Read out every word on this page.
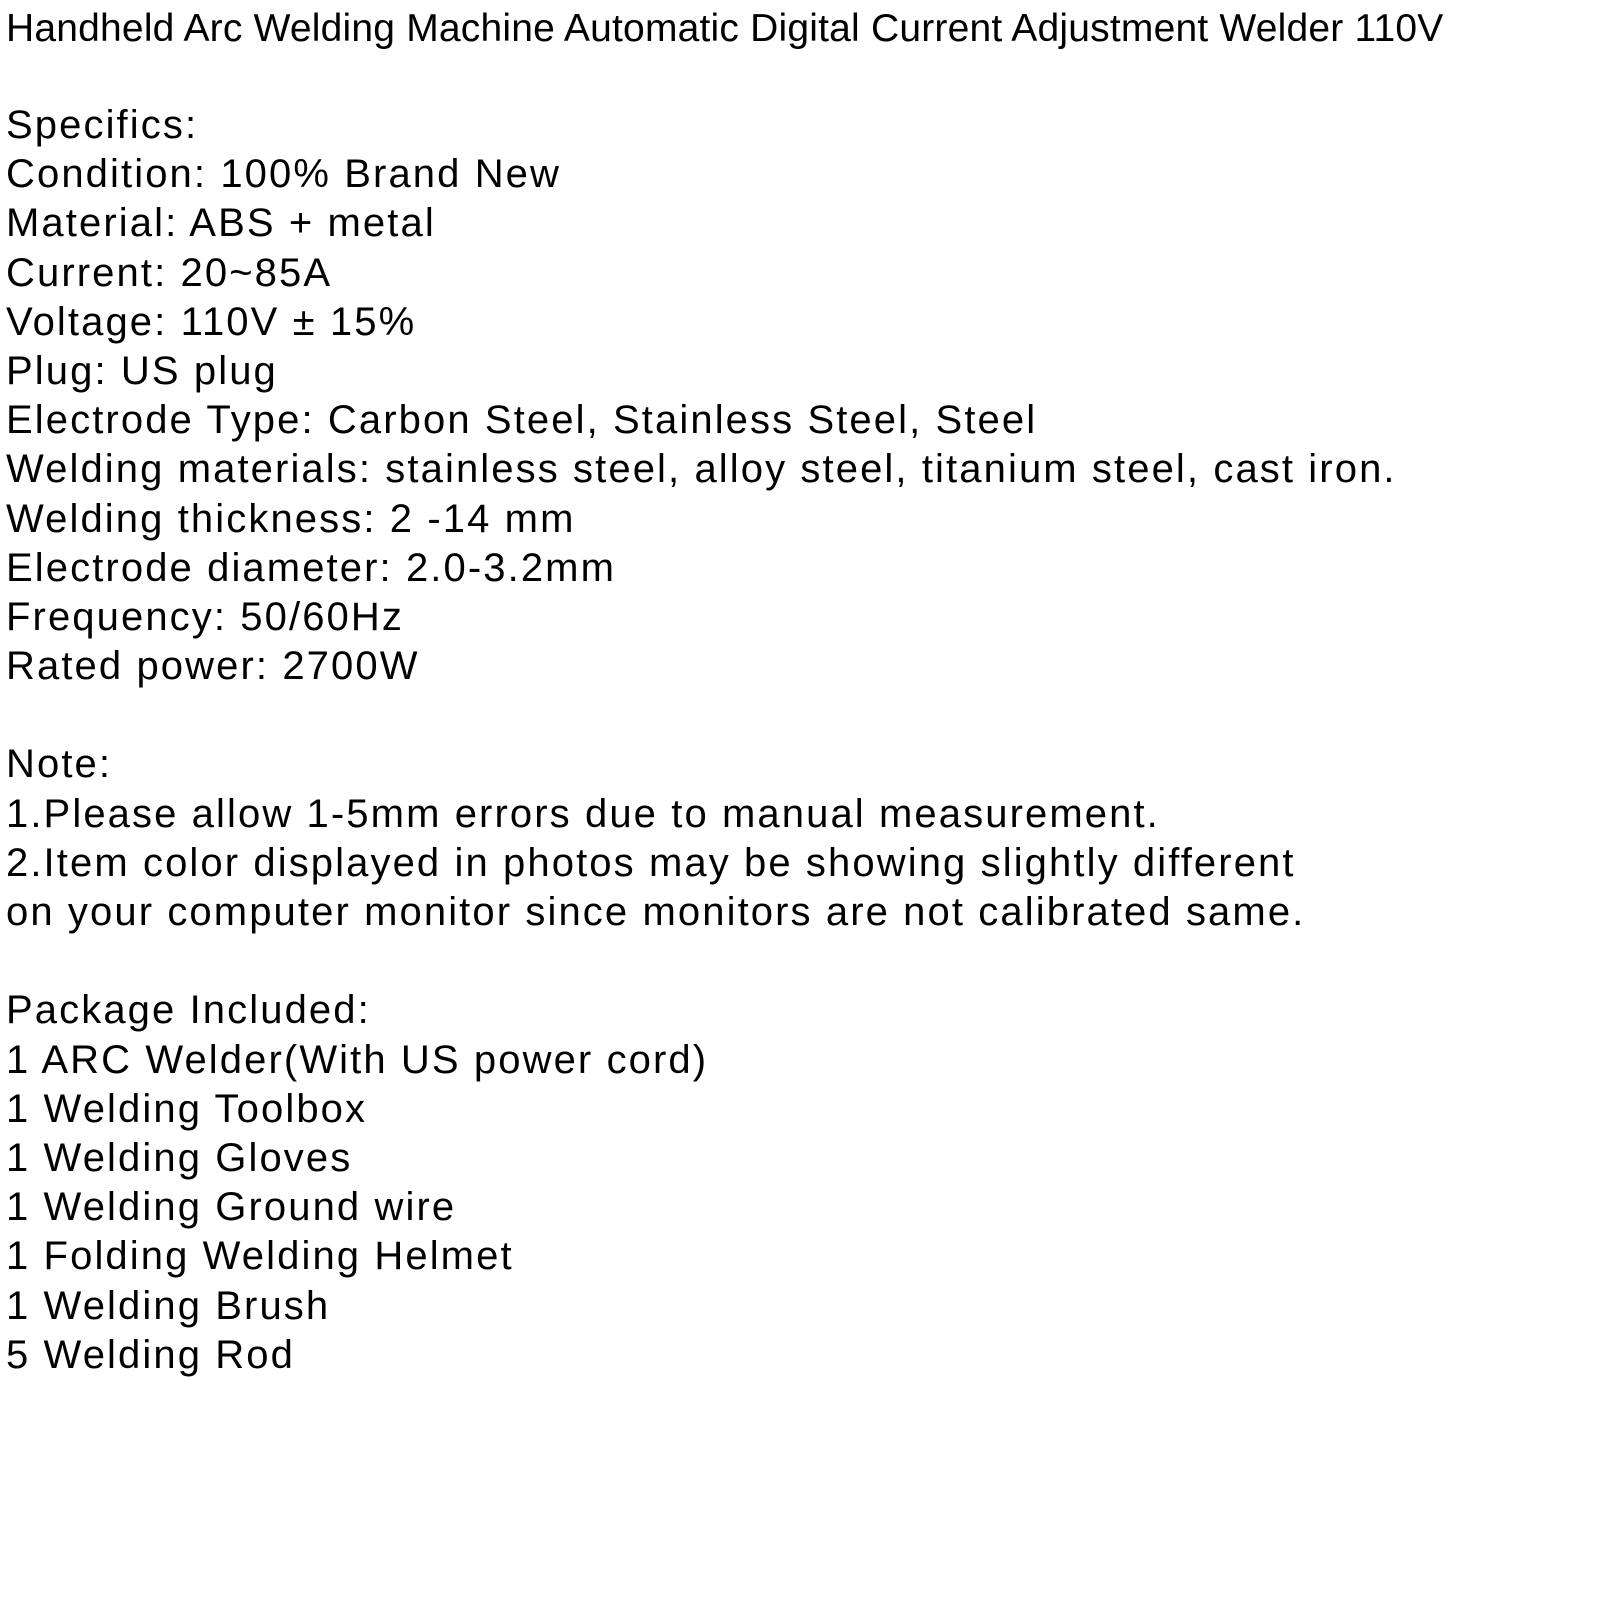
Handheld Arc Welding Machine Automatic Digital Current Adjustment Welder 110V
Specifics:
Condition: 100% Brand New
Material: ABS + metal
Current: 20~85A
Voltage: 110V ± 15%
Plug: US plug
Electrode Type: Carbon Steel, Stainless Steel, Steel
Welding materials: stainless steel, alloy steel, titanium steel, cast iron.
Welding thickness: 2 -14 mm
Electrode diameter: 2.0-3.2mm
Frequency: 50/60Hz
Rated power: 2700W
Note:
1.Please allow 1-5mm errors due to manual measurement.
2.Item color displayed in photos may be showing slightly different
on your computer monitor since monitors are not calibrated same.
Package Included:
1 ARC Welder(With US power cord)
1 Welding Toolbox
1 Welding Gloves
1 Welding Ground wire
1 Folding Welding Helmet
1 Welding Brush
5 Welding Rod
